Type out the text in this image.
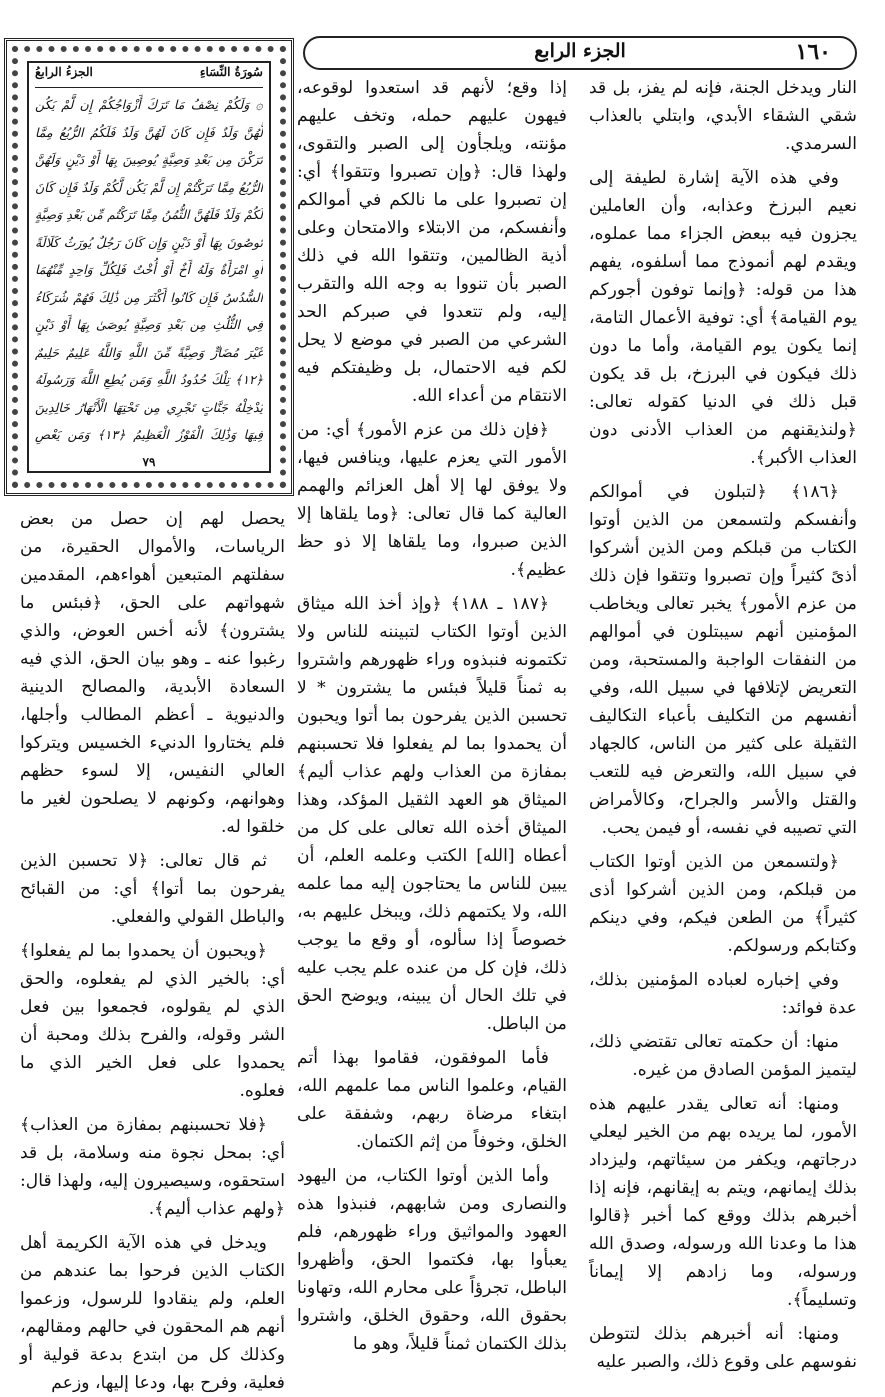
١٦٠
الجزء الرابع

النار ويدخل الجنة، فإنه لم يفز، بل قد شقي الشقاء الأبدي، وابتلي بالعذاب السرمدي.

وفي هذه الآية إشارة لطيفة إلى نعيم البرزخ وعذابه، وأن العاملين يجزون فيه ببعض الجزاء مما عملوه، ويقدم لهم أنموذج مما أسلفوه، يفهم هذا من قوله: ﴿وإنما توفون أجوركم يوم القيامة﴾ أي: توفية الأعمال التامة، إنما يكون يوم القيامة، وأما ما دون ذلك فيكون في البرزخ، بل قد يكون قبل ذلك في الدنيا كقوله تعالى: ﴿ولنذيقنهم من العذاب الأدنى دون العذاب الأكبر﴾.

﴿١٨٦﴾ ﴿لتبلون في أموالكم وأنفسكم ولتسمعن من الذين أوتوا الكتاب من قبلكم ومن الذين أشركوا أذىً كثيراً وإن تصبروا وتتقوا فإن ذلك من عزم الأمور﴾ يخبر تعالى ويخاطب المؤمنين أنهم سيبتلون في أموالهم من النفقات الواجبة والمستحبة، ومن التعريض لإتلافها في سبيل الله، وفي أنفسهم من التكليف بأعباء التكاليف الثقيلة على كثير من الناس، كالجهاد في سبيل الله، والتعرض فيه للتعب والقتل والأسر والجراح، وكالأمراض التي تصيبه في نفسه، أو فيمن يحب.

﴿ولتسمعن من الذين أوتوا الكتاب من قبلكم، ومن الذين أشركوا أذى كثيراً﴾ من الطعن فيكم، وفي دينكم وكتابكم ورسولكم.

وفي إخباره لعباده المؤمنين بذلك، عدة فوائد:

منها: أن حكمته تعالى تقتضي ذلك، ليتميز المؤمن الصادق من غيره.

ومنها: أنه تعالى يقدر عليهم هذه الأمور، لما يريده بهم من الخير ليعلي درجاتهم، ويكفر من سيئاتهم، وليزداد بذلك إيمانهم، ويتم به إيقانهم، فإنه إذا أخبرهم بذلك ووقع كما أخبر ﴿قالوا هذا ما وعدنا الله ورسوله، وصدق الله ورسوله، وما زادهم إلا إيماناً وتسليماً﴾.

ومنها: أنه أخبرهم بذلك لتتوطن نفوسهم على وقوع ذلك، والصبر عليه

إذا وقع؛ لأنهم قد استعدوا لوقوعه، فيهون عليهم حمله، وتخف عليهم مؤنته، ويلجأون إلى الصبر والتقوى، ولهذا قال: ﴿وإن تصبروا وتتقوا﴾ أي: إن تصبروا على ما نالكم في أموالكم وأنفسكم، من الابتلاء والامتحان وعلى أذية الظالمين، وتتقوا الله في ذلك الصبر بأن تنووا به وجه الله والتقرب إليه، ولم تتعدوا في صبركم الحد الشرعي من الصبر في موضع لا يحل لكم فيه الاحتمال، بل وظيفتكم فيه الانتقام من أعداء الله.

﴿فإن ذلك من عزم الأمور﴾ أي: من الأمور التي يعزم عليها، وينافس فيها، ولا يوفق لها إلا أهل العزائم والهمم العالية كما قال تعالى: ﴿وما يلقاها إلا الذين صبروا، وما يلقاها إلا ذو حظ عظيم﴾.

﴿١٨٧ ـ ١٨٨﴾ ﴿وإذ أخذ الله ميثاق الذين أوتوا الكتاب لتبيننه للناس ولا تكتمونه فنبذوه وراء ظهورهم واشتروا به ثمناً قليلاً فبئس ما يشترون * لا تحسبن الذين يفرحون بما أتوا ويحبون أن يحمدوا بما لم يفعلوا فلا تحسبنهم بمفازة من العذاب ولهم عذاب أليم﴾ الميثاق هو العهد الثقيل المؤكد، وهذا الميثاق أخذه الله تعالى على كل من أعطاه [الله] الكتب وعلمه العلم، أن يبين للناس ما يحتاجون إليه مما علمه الله، ولا يكتمهم ذلك، ويبخل عليهم به، خصوصاً إذا سألوه، أو وقع ما يوجب ذلك، فإن كل من عنده علم يجب عليه في تلك الحال أن يبينه، ويوضح الحق من الباطل.

فأما الموفقون، فقاموا بهذا أتم القيام، وعلموا الناس مما علمهم الله، ابتغاء مرضاة ربهم، وشفقة على الخلق، وخوفاً من إثم الكتمان.

وأما الذين أوتوا الكتاب، من اليهود والنصارى ومن شابههم، فنبذوا هذه العهود والمواثيق وراء ظهورهم، فلم يعبأوا بها، فكتموا الحق، وأظهروا الباطل، تجرؤاً على محارم الله، وتهاونا بحقوق الله، وحقوق الخلق، واشتروا بذلك الكتمان ثمناً قليلاً، وهو ما

سُورَةُ النِّسَاءِ
الجزءُ الرابعُ
۞ وَلَكُمْ نِصْفُ مَا تَرَكَ أَزْوَاجُكُمْ إِن لَّمْ يَكُن لَّهُنَّ وَلَدٌ فَإِن كَانَ لَهُنَّ وَلَدٌ فَلَكُمُ الرُّبُعُ مِمَّا تَرَكْنَ مِن بَعْدِ وَصِيَّةٍ يُوصِينَ بِهَا أَوْ دَيْنٍ وَلَهُنَّ الرُّبُعُ مِمَّا تَرَكْتُمْ إِن لَّمْ يَكُن لَّكُمْ وَلَدٌ فَإِن كَانَ لَكُمْ وَلَدٌ فَلَهُنَّ الثُّمُنُ مِمَّا تَرَكْتُم مِّن بَعْدِ وَصِيَّةٍ تُوصُونَ بِهَا أَوْ دَيْنٍ وَإِن كَانَ رَجُلٌ يُورَثُ كَلَالَةً أَوِ امْرَأَةٌ وَلَهُ أَخٌ أَوْ أُخْتٌ فَلِكُلِّ وَاحِدٍ مِّنْهُمَا السُّدُسُ فَإِن كَانُوا أَكْثَرَ مِن ذَٰلِكَ فَهُمْ شُرَكَاءُ فِي الثُّلُثِ مِن بَعْدِ وَصِيَّةٍ يُوصَىٰ بِهَا أَوْ دَيْنٍ غَيْرَ مُضَارٍّ وَصِيَّةً مِّنَ اللَّهِ وَاللَّهُ عَلِيمٌ حَلِيمٌ ﴿١٢﴾ تِلْكَ حُدُودُ اللَّهِ وَمَن يُطِعِ اللَّهَ وَرَسُولَهُ يُدْخِلْهُ جَنَّاتٍ تَجْرِي مِن تَحْتِهَا الْأَنْهَارُ خَالِدِينَ فِيهَا وَذَٰلِكَ الْفَوْزُ الْعَظِيمُ ﴿١٣﴾ وَمَن يَعْصِ
٧٩

يحصل لهم إن حصل من بعض الرياسات، والأموال الحقيرة، من سفلتهم المتبعين أهواءهم، المقدمين شهواتهم على الحق، ﴿فبئس ما يشترون﴾ لأنه أخس العوض، والذي رغبوا عنه ـ وهو بيان الحق، الذي فيه السعادة الأبدية، والمصالح الدينية والدنيوية ـ أعظم المطالب وأجلها، فلم يختاروا الدنيء الخسيس ويتركوا العالي النفيس، إلا لسوء حظهم وهوانهم، وكونهم لا يصلحون لغير ما خلقوا له.

ثم قال تعالى: ﴿لا تحسبن الذين يفرحون بما أتوا﴾ أي: من القبائح والباطل القولي والفعلي.

﴿ويحبون أن يحمدوا بما لم يفعلوا﴾ أي: بالخير الذي لم يفعلوه، والحق الذي لم يقولوه، فجمعوا بين فعل الشر وقوله، والفرح بذلك ومحبة أن يحمدوا على فعل الخير الذي ما فعلوه.

﴿فلا تحسبنهم بمفازة من العذاب﴾ أي: بمحل نجوة منه وسلامة، بل قد استحقوه، وسيصيرون إليه، ولهذا قال: ﴿ولهم عذاب أليم﴾.

ويدخل في هذه الآية الكريمة أهل الكتاب الذين فرحوا بما عندهم من العلم، ولم ينقادوا للرسول، وزعموا أنهم هم المحقون في حالهم ومقالهم، وكذلك كل من ابتدع بدعة قولية أو فعلية، وفرح بها، ودعا إليها، وزعم
